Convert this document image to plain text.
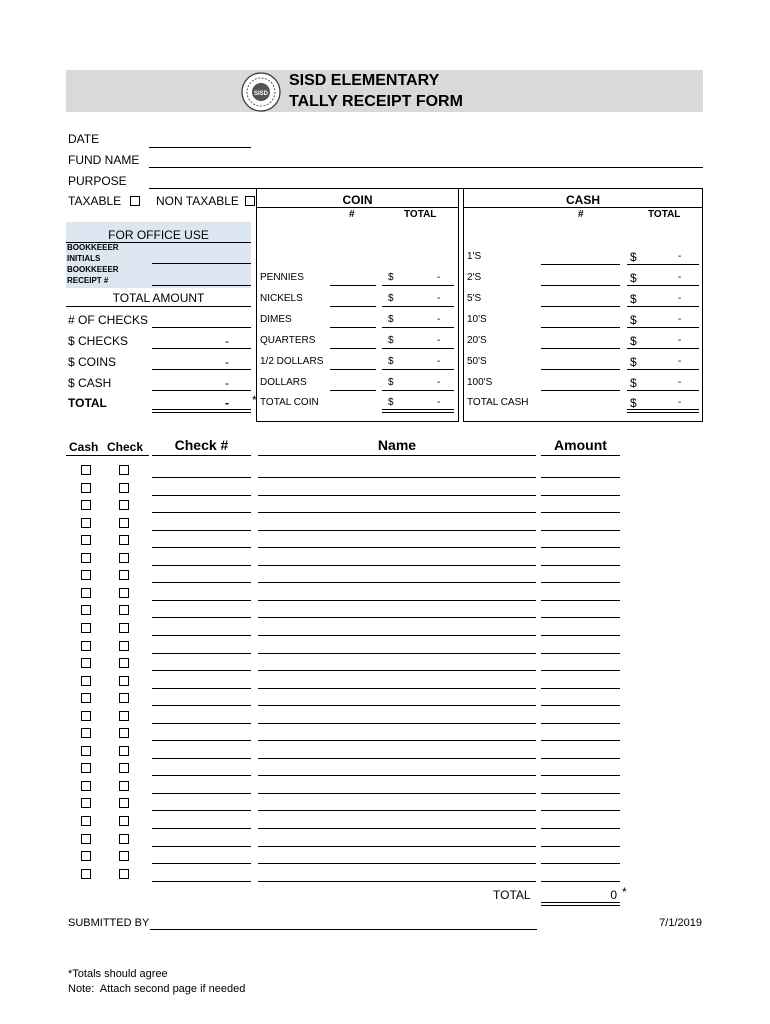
SISD
SISD ELEMENTARY
TALLY RECEIPT FORM
DATE
FUND NAME
PURPOSE
TAXABLE	NON TAXABLE
FOR OFFICE USE
BOOKKEEER
INITIALS
BOOKKEEER
RECEIPT #
TOTAL AMOUNT
# OF CHECKS
$ CHECKS	-
$ COINS	-
$ CASH	-
TOTAL	- *
COIN
#	TOTAL
CASH
#	TOTAL
PENNIES	$	-
NICKELS	$	-
DIMES	$	-
QUARTERS	$	-
1/2 DOLLARS	$	-
DOLLARS	$	-
TOTAL COIN	$	-
1'S	$	-
2'S	$	-
5'S	$	-
10'S	$	-
20'S	$	-
50'S	$	-
100'S	$	-
TOTAL CASH	$	-
Cash Check	Check #	Name	Amount
TOTAL	0 *
SUBMITTED BY	7/1/2019
*Totals should agree
Note:  Attach second page if needed
